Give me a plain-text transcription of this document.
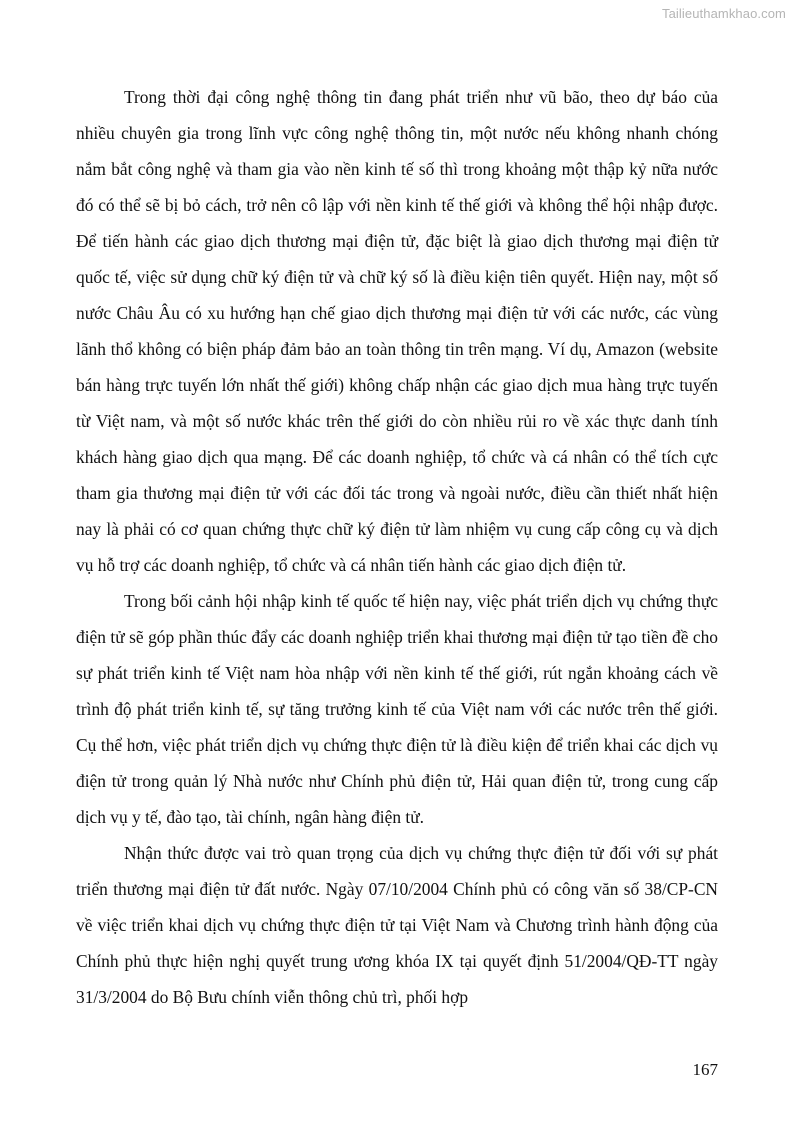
Tailieuthamkhao.com

Trong thời đại công nghệ thông tin đang phát triển như vũ bão, theo dự báo của nhiều chuyên gia trong lĩnh vực công nghệ thông tin, một nước nếu không nhanh chóng nắm bắt công nghệ và tham gia vào nền kinh tế số thì trong khoảng một thập kỷ nữa nước đó có thể sẽ bị bỏ cách, trở nên cô lập với nền kinh tế thế giới và không thể hội nhập được. Để tiến hành các giao dịch thương mại điện tử, đặc biệt là giao dịch thương mại điện tử quốc tế, việc sử dụng chữ ký điện tử và chữ ký số là điều kiện tiên quyết. Hiện nay, một số nước Châu Âu có xu hướng hạn chế giao dịch thương mại điện tử với các nước, các vùng lãnh thổ không có biện pháp đảm bảo an toàn thông tin trên mạng. Ví dụ, Amazon (website bán hàng trực tuyến lớn nhất thế giới) không chấp nhận các giao dịch mua hàng trực tuyến từ Việt nam, và một số nước khác trên thế giới do còn nhiều rủi ro về xác thực danh tính khách hàng giao dịch qua mạng. Để các doanh nghiệp, tổ chức và cá nhân có thể tích cực tham gia thương mại điện tử với các đối tác trong và ngoài nước, điều cần thiết nhất hiện nay là phải có cơ quan chứng thực chữ ký điện tử làm nhiệm vụ cung cấp công cụ và dịch vụ hỗ trợ các doanh nghiệp, tổ chức và cá nhân tiến hành các giao dịch điện tử.

Trong bối cảnh hội nhập kinh tế quốc tế hiện nay, việc phát triển dịch vụ chứng thực điện tử sẽ góp phần thúc đẩy các doanh nghiệp triển khai thương mại điện tử tạo tiền đề cho sự phát triển kinh tế Việt nam hòa nhập với nền kinh tế thế giới, rút ngắn khoảng cách về trình độ phát triển kinh tế, sự tăng trưởng kinh tế của Việt nam với các nước trên thế giới. Cụ thể hơn, việc phát triển dịch vụ chứng thực điện tử là điều kiện để triển khai các dịch vụ điện tử trong quản lý Nhà nước như Chính phủ điện tử, Hải quan điện tử, trong cung cấp dịch vụ y tế, đào tạo, tài chính, ngân hàng điện tử.

Nhận thức được vai trò quan trọng của dịch vụ chứng thực điện tử đối với sự phát triển thương mại điện tử đất nước. Ngày 07/10/2004 Chính phủ có công văn số 38/CP-CN về việc triển khai dịch vụ chứng thực điện tử tại Việt Nam và Chương trình hành động của Chính phủ thực hiện nghị quyết trung ương khóa IX tại quyết định 51/2004/QĐ-TT ngày 31/3/2004 do Bộ Bưu chính viễn thông chủ trì, phối hợp

167
